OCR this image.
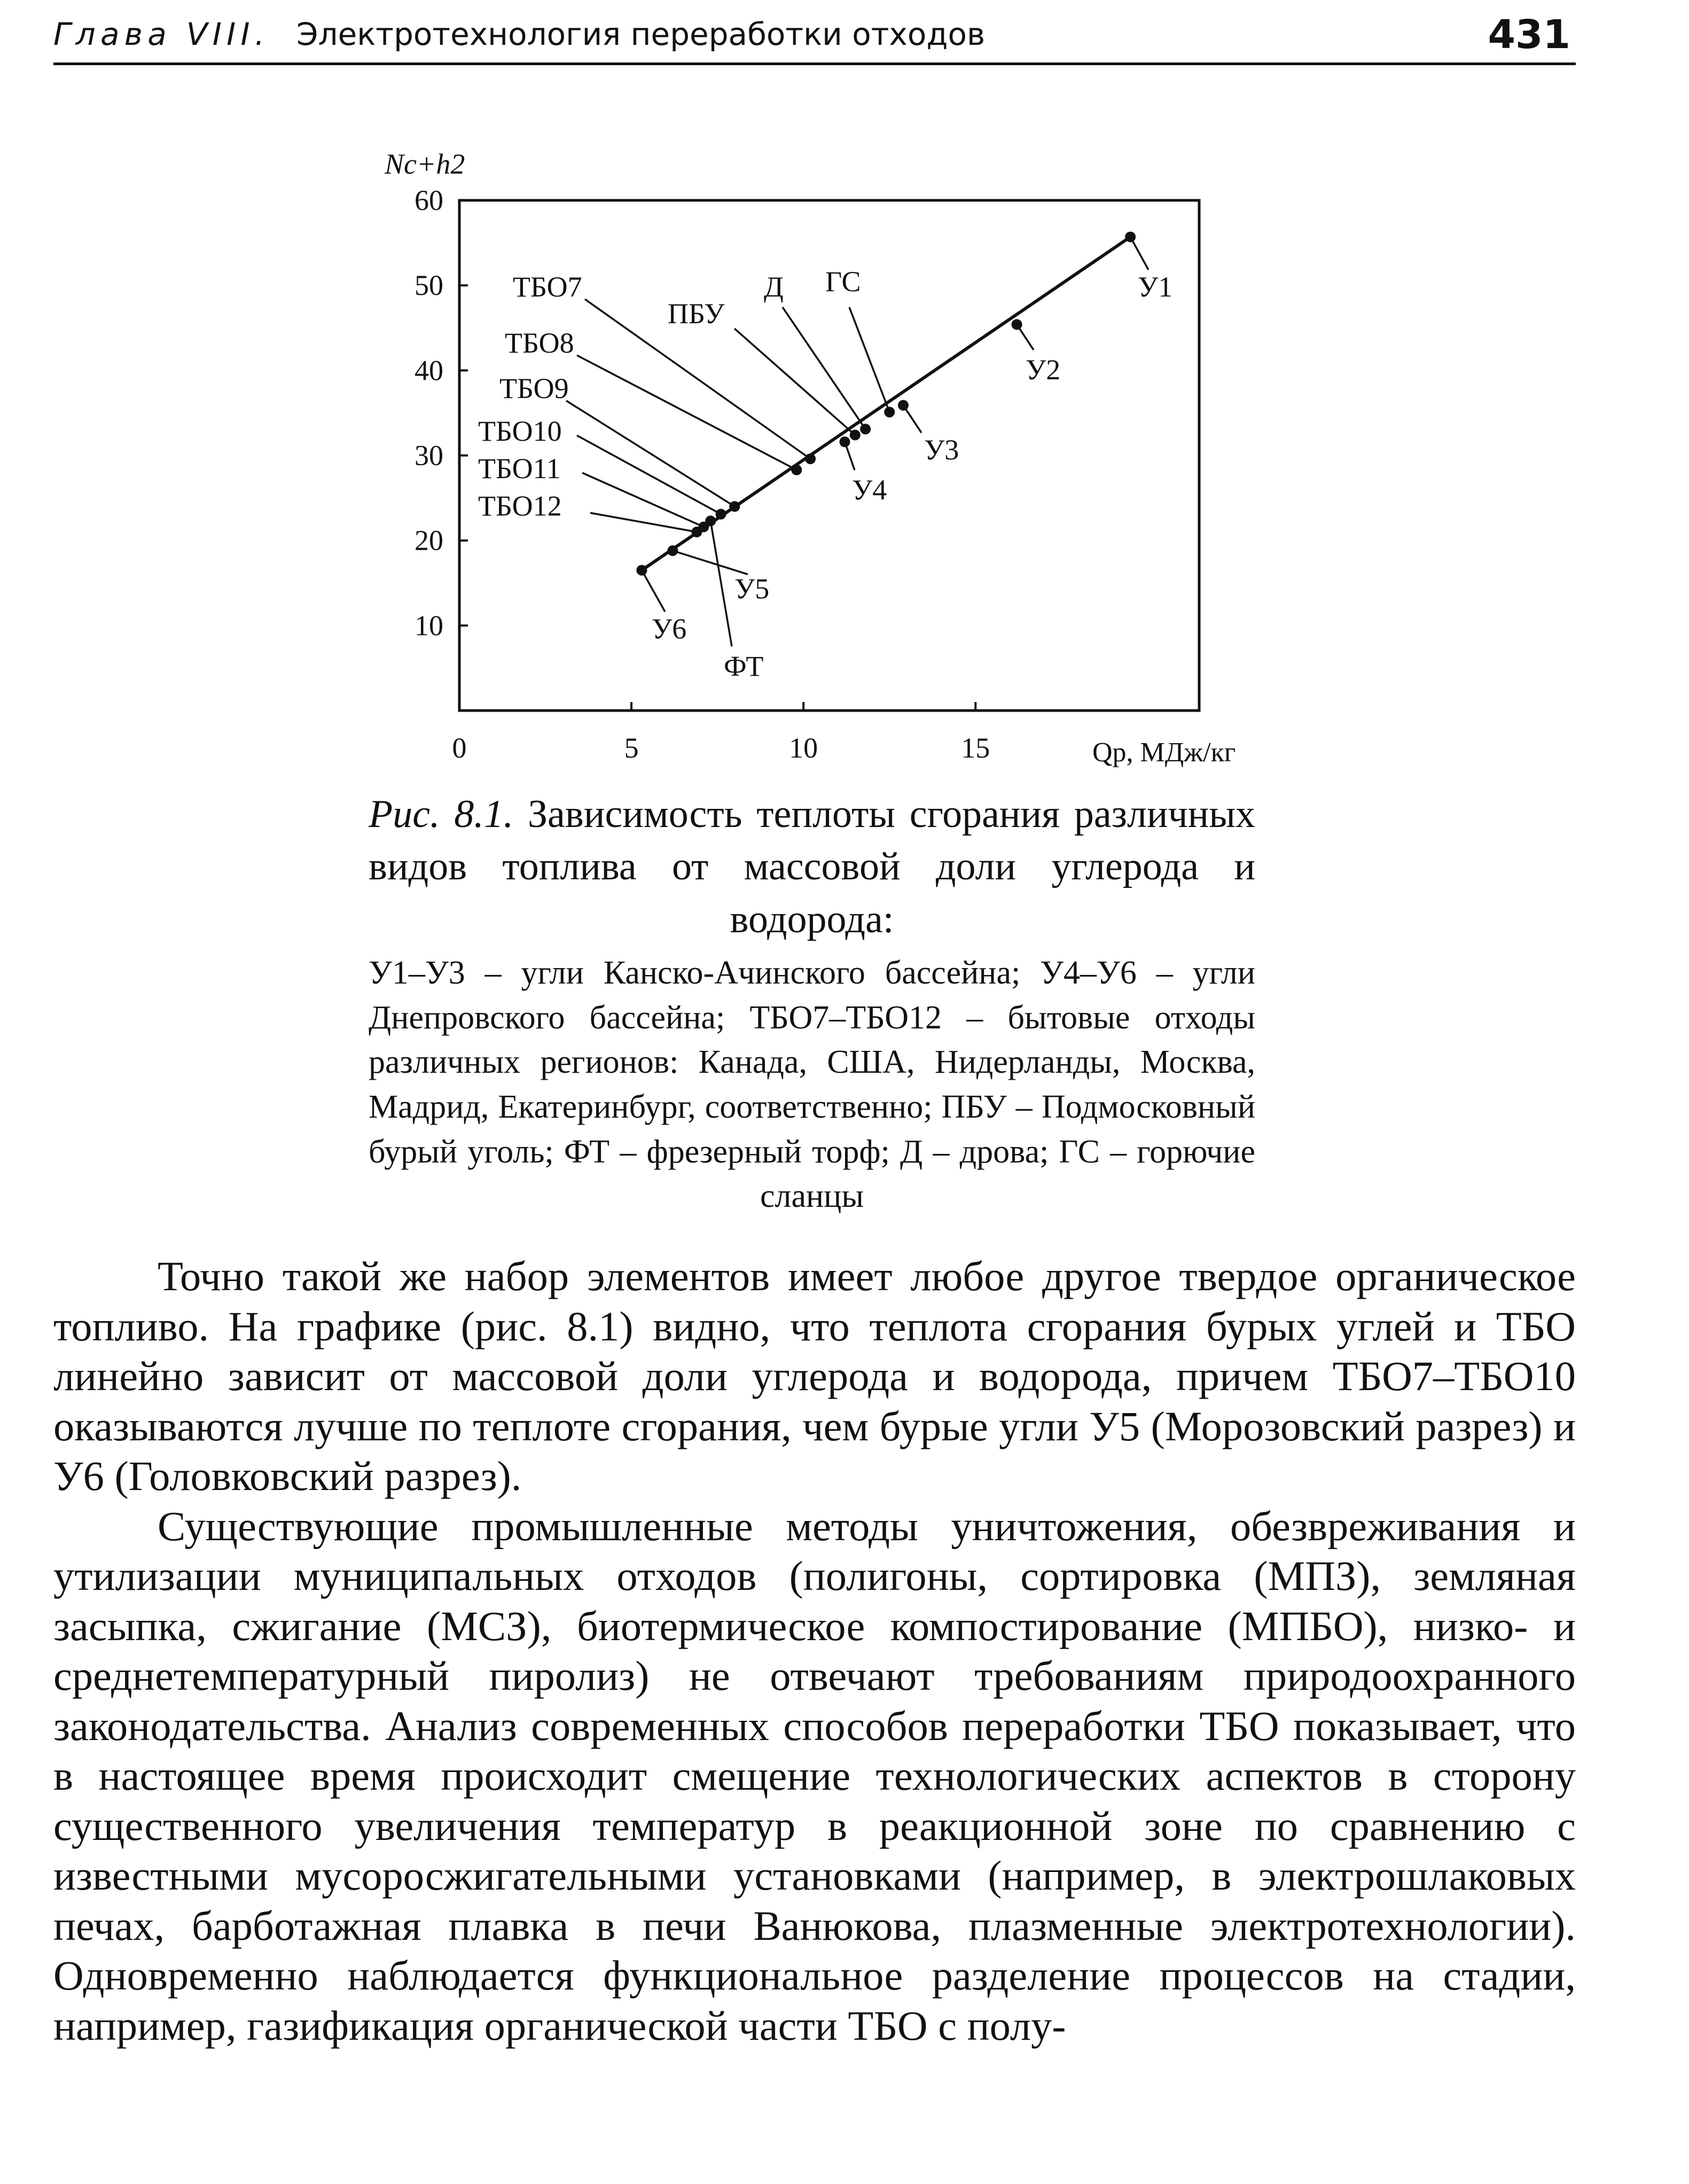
Глава VIII. Электротехнология переработки отходов	431
10
20
30
40
50
60
0	5	10	15
У1
У2
У3
ГС
Д
ПБУ
У4
ТБО7
ТБО8
ТБО9
ТБО10
ФТ
ТБО11
ТБО12
У5
У6
Nc+h2
Qр, МДж/кг
Рис. 8.1. Зависимость теплоты сгорания различных видов топлива от массовой доли углерода и водорода:
У1–У3 – угли Канско-Ачинского бассейна; У4–У6 – угли Днепровского бассейна; ТБО7–ТБО12 – бытовые отходы различных регионов: Канада, США, Нидерланды, Москва, Мадрид, Екатеринбург, соответственно; ПБУ – Подмосковный бурый уголь; ФТ – фрезерный торф; Д – дрова; ГС – горючие сланцы

Точно такой же набор элементов имеет любое другое твердое органическое топливо. На графике (рис. 8.1) видно, что теплота сгорания бурых углей и ТБО линейно зависит от массовой доли углерода и водорода, причем ТБО7–ТБО10 оказываются лучше по теплоте сгорания, чем бурые угли У5 (Морозовский разрез) и У6 (Головковский разрез).

Существующие промышленные методы уничтожения, обезвреживания и утилизации муниципальных отходов (полигоны, сортировка (МПЗ), земляная засыпка, сжигание (МСЗ), биотермическое компостирование (МПБО), низко- и среднетемпературный пиролиз) не отвечают требованиям природоохранного законодательства. Анализ современных способов переработки ТБО показывает, что в настоящее время происходит смещение технологических аспектов в сторону существенного увеличения температур в реакционной зоне по сравнению с известными мусоросжигательными установками (например, в электрошлаковых печах, барботажная плавка в печи Ванюкова, плазменные электротехнологии). Одновременно наблюдается функциональное разделение процессов на стадии, например, газификация органической части ТБО с полу-
